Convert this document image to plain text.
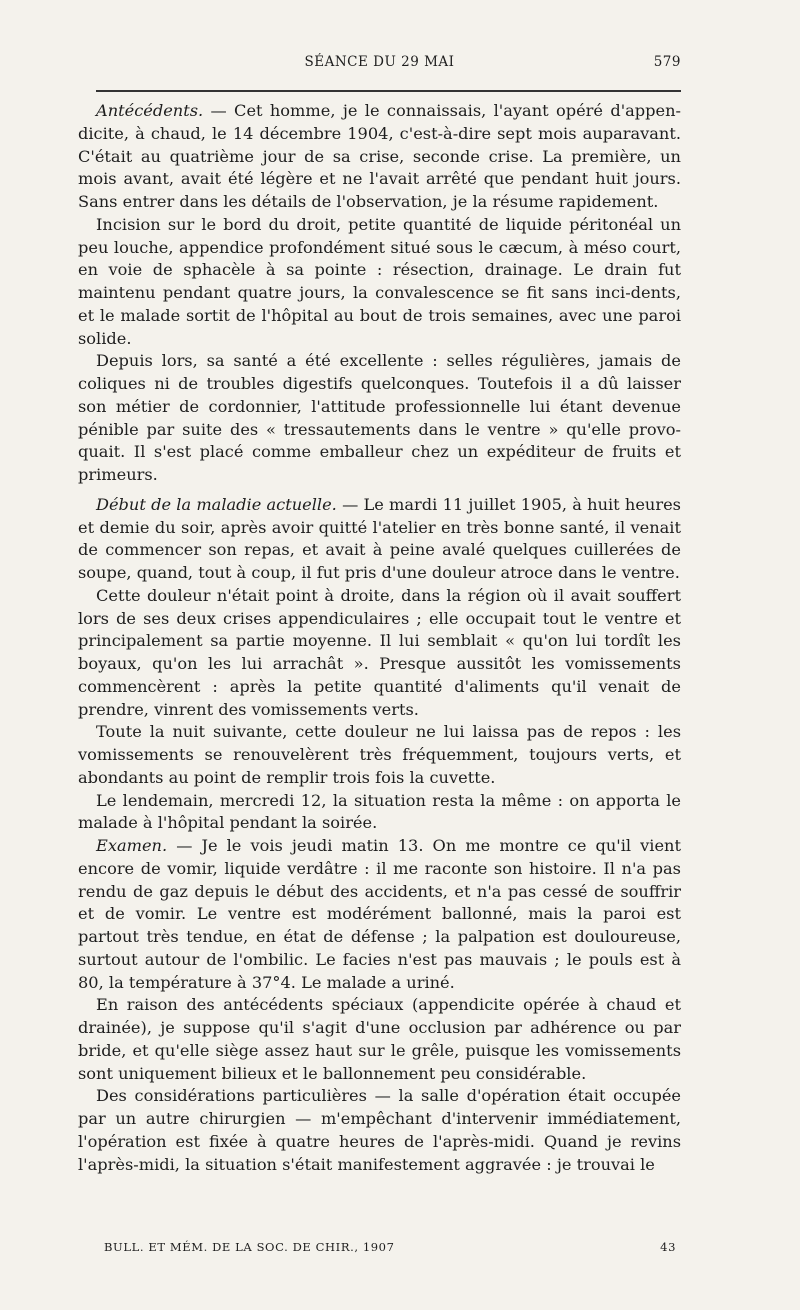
SÉANCE DU 29 MAI	579

Antécédents. — Cet homme, je le connaissais, l'ayant opéré d'appen-dicite, à chaud, le 14 décembre 1904, c'est-à-dire sept mois auparavant. C'était au quatrième jour de sa crise, seconde crise. La première, un mois avant, avait été légère et ne l'avait arrêté que pendant huit jours. Sans entrer dans les détails de l'observation, je la résume rapidement.

Incision sur le bord du droit, petite quantité de liquide péritonéal un peu louche, appendice profondément situé sous le cæcum, à méso court, en voie de sphacèle à sa pointe : résection, drainage. Le drain fut maintenu pendant quatre jours, la convalescence se fit sans inci-dents, et le malade sortit de l'hôpital au bout de trois semaines, avec une paroi solide.

Depuis lors, sa santé a été excellente : selles régulières, jamais de coliques ni de troubles digestifs quelconques. Toutefois il a dû laisser son métier de cordonnier, l'attitude professionnelle lui étant devenue pénible par suite des « tressautements dans le ventre » qu'elle provo-quait. Il s'est placé comme emballeur chez un expéditeur de fruits et primeurs.

Début de la maladie actuelle. — Le mardi 11 juillet 1905, à huit heures et demie du soir, après avoir quitté l'atelier en très bonne santé, il venait de commencer son repas, et avait à peine avalé quelques cuillerées de soupe, quand, tout à coup, il fut pris d'une douleur atroce dans le ventre.

Cette douleur n'était point à droite, dans la région où il avait souffert lors de ses deux crises appendiculaires ; elle occupait tout le ventre et principalement sa partie moyenne. Il lui semblait « qu'on lui tordît les boyaux, qu'on les lui arrachât ». Presque aussitôt les vomissements commencèrent : après la petite quantité d'aliments qu'il venait de prendre, vinrent des vomissements verts.

Toute la nuit suivante, cette douleur ne lui laissa pas de repos : les vomissements se renouvelèrent très fréquemment, toujours verts, et abondants au point de remplir trois fois la cuvette.

Le lendemain, mercredi 12, la situation resta la même : on apporta le malade à l'hôpital pendant la soirée.

Examen. — Je le vois jeudi matin 13. On me montre ce qu'il vient encore de vomir, liquide verdâtre : il me raconte son histoire. Il n'a pas rendu de gaz depuis le début des accidents, et n'a pas cessé de souffrir et de vomir. Le ventre est modérément ballonné, mais la paroi est partout très tendue, en état de défense ; la palpation est douloureuse, surtout autour de l'ombilic. Le facies n'est pas mauvais ; le pouls est à 80, la température à 37°4. Le malade a uriné.

En raison des antécédents spéciaux (appendicite opérée à chaud et drainée), je suppose qu'il s'agit d'une occlusion par adhérence ou par bride, et qu'elle siège assez haut sur le grêle, puisque les vomissements sont uniquement bilieux et le ballonnement peu considérable.

Des considérations particulières — la salle d'opération était occupée par un autre chirurgien — m'empêchant d'intervenir immédiatement, l'opération est fixée à quatre heures de l'après-midi. Quand je revins l'après-midi, la situation s'était manifestement aggravée : je trouvai le

BULL. ET MÉM. DE LA SOC. DE CHIR., 1907	43
